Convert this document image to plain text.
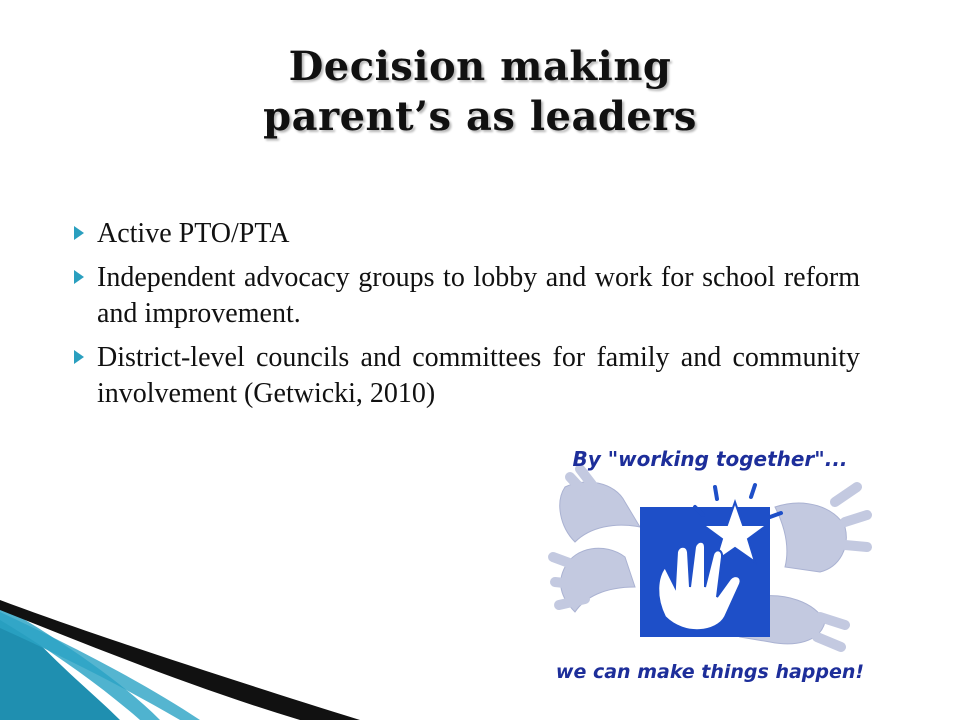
Decision making
parent’s as leaders
Active PTO/PTA
Independent advocacy groups to lobby and work for school reform and improvement.
District-level councils and committees for family and community involvement (Getwicki, 2010)
By "working together"...
we can make things happen!
